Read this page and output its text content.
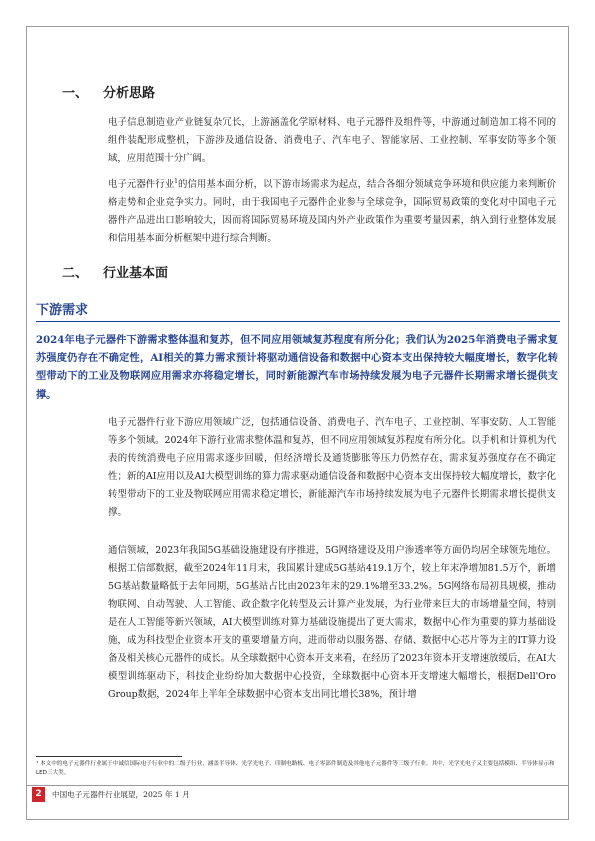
一、 分析思路
电子信息制造业产业链复杂冗长，上游涵盖化学原材料、电子元器件及组件等，中游通过制造加工将不同的组件装配形成整机，下游涉及通信设备、消费电子、汽车电子、智能家居、工业控制、军事安防等多个领域，应用范围十分广阔。
电子元器件行业$^1$的信用基本面分析，以下游市场需求为起点，结合各细分领域竞争环境和供应能力来判断价格走势和企业竞争实力。同时，由于我国电子元器件企业参与全球竞争，国际贸易政策的变化对中国电子元器件产品进出口影响较大，因而将国际贸易环境及国内外产业政策作为重要考量因素，纳入到行业整体发展和信用基本面分析框架中进行综合判断。
二、 行业基本面
下游需求
2024年电子元器件下游需求整体温和复苏，但不同应用领域复苏程度有所分化；我们认为2025年消费电子需求复苏强度仍存在不确定性，AI相关的算力需求预计将驱动通信设备和数据中心资本支出保持较大幅度增长，数字化转型带动下的工业及物联网应用需求亦将稳定增长，同时新能源汽车市场持续发展为电子元器件长期需求增长提供支撑。
电子元器件行业下游应用领域广泛，包括通信设备、消费电子、汽车电子、工业控制、军事安防、人工智能等多个领域。2024年下游行业需求整体温和复苏，但不同应用领域复苏程度有所分化。以手机和计算机为代表的传统消费电子应用需求逐步回暖，但经济增长及通货膨胀等压力仍然存在，需求复苏强度存在不确定性；新的AI应用以及AI大模型训练的算力需求驱动通信设备和数据中心资本支出保持较大幅度增长，数字化转型带动下的工业及物联网应用需求稳定增长，新能源汽车市场持续发展为电子元器件长期需求增长提供支撑。
通信领域，2023年我国5G基础设施建设有序推进，5G网络建设及用户渗透率等方面仍均居全球领先地位。根据工信部数据，截至2024年11月末，我国累计建成5G基站419.1万个，较上年末净增加81.5万个，新增5G基站数量略低于去年同期，5G基站占比由2023年末的29.1%增至33.2%。5G网络布局初具规模，推动物联网、自动驾驶、人工智能、政企数字化转型及云计算产业发展，为行业带来巨大的市场增量空间，特别是在人工智能等新兴领域，AI大模型训练对算力基础设施提出了更大需求，数据中心作为重要的算力基础设施，成为科技型企业资本开支的重要增量方向，进而带动以服务器、存储、数据中心芯片等为主的IT算力设备及相关核心元器件的成长。从全球数据中心资本开支来看，在经历了2023年资本开支增速放缓后，在AI大模型训练驱动下，科技企业纷纷加大数据中心投资，全球数据中心资本开支增速大幅增长，根据Dell'Oro Group数据，2024年上半年全球数据中心资本支出同比增长38%，预计增
¹ 本文中的电子元器件行业属于中诚信国际电子行业中的二级子行业，涵盖半导体、光学光电子、印制电路板、电子零部件制造及其他电子元器件等三级子行业。其中，光学光电子又主要包括模组、半导体显示和LED三大类。
2	中国电子元器件行业展望，2025 年 1 月
